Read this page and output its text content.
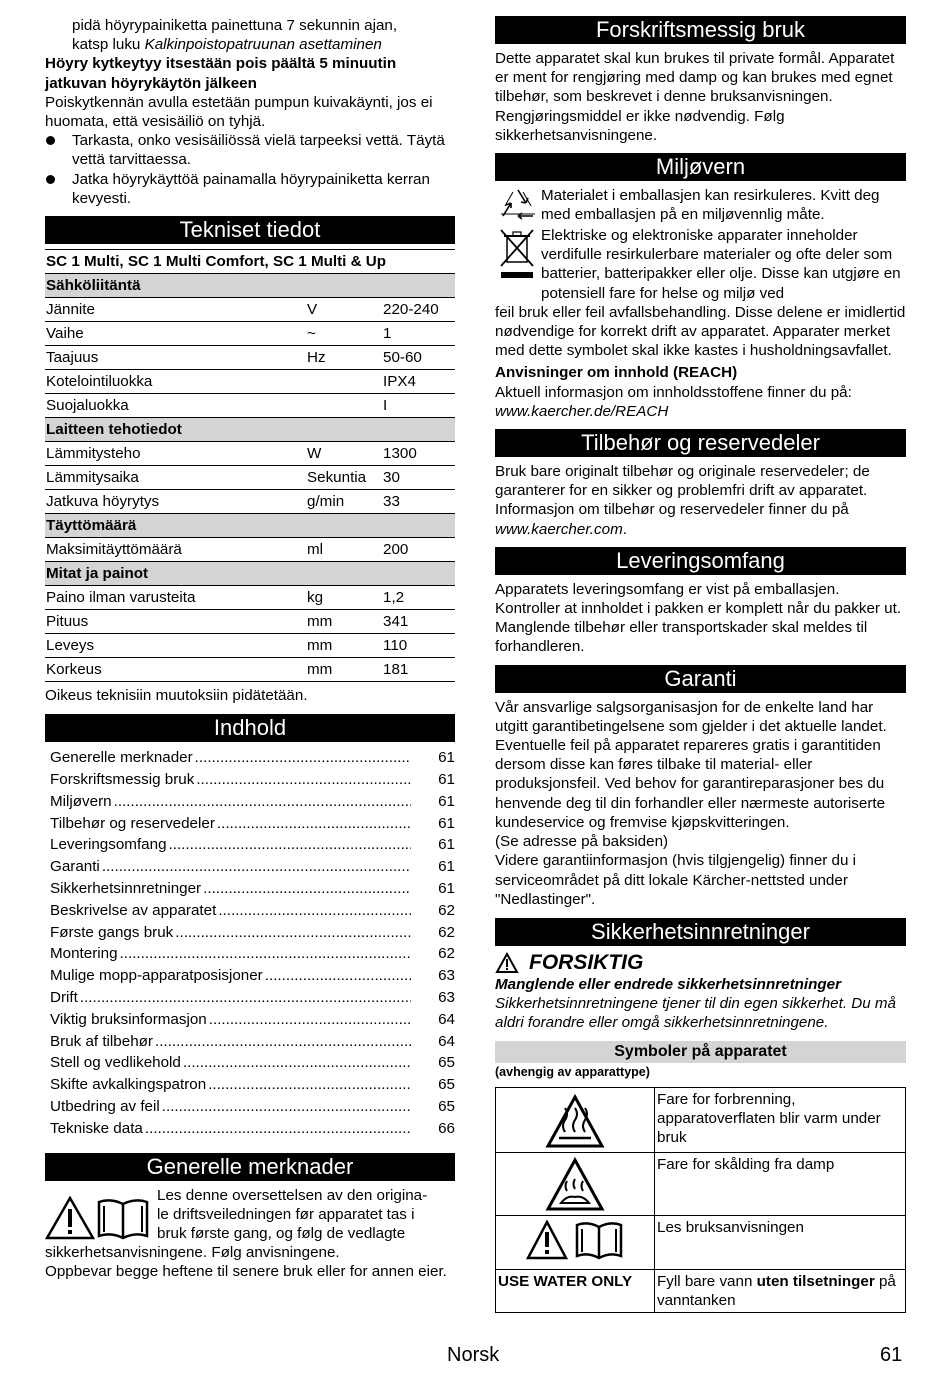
pidä höyrypainiketta painettuna 7 sekunnin ajan,

katsp luku Kalkinpoistopatruunan asettaminen

Höyry kytkeytyy itsestään pois päältä 5 minuutin jatkuvan höyrykäytön jälkeen

Poiskytkennän avulla estetään pumpun kuivakäynti, jos ei huomata, että vesisäiliö on tyhjä.

Tarkasta, onko vesisäiliössä vielä tarpeeksi vettä. Täytä vettä tarvittaessa.

Jatka höyrykäyttöä painamalla höyrypainiketta kerran kevyesti.

Tekniset tiedot
SC 1 Multi, SC 1 Multi Comfort, SC 1 Multi & Up		
Sähköliitäntä		
Jännite	V	220-240
Vaihe	~	1
Taajuus	Hz	50-60
Kotelointiluokka		IPX4
Suojaluokka		I
Laitteen tehotiedot		
Lämmitysteho	W	1300
Lämmitysaika	Sekuntia	30
Jatkuva höyrytys	g/min	33
Täyttömäärä		
Maksimitäyttömäärä	ml	200
Mitat ja painot		
Paino ilman varusteita	kg	1,2
Pituus	mm	341
Leveys	mm	110
Korkeus	mm	181

Oikeus teknisiin muutoksiin pidätetään.

Indhold
Generelle merknader .....	61
Forskriftsmessig bruk .....	61
Miljøvern .....	61
Tilbehør og reservedeler .....	61
Leveringsomfang .....	61
Garanti .....	61
Sikkerhetsinnretninger .....	61
Beskrivelse av apparatet .....	62
Første gangs bruk .....	62
Montering .....	62
Mulige mopp-apparatposisjoner .....	63
Drift .....	63
Viktig bruksinformasjon .....	64
Bruk af tilbehør .....	64
Stell og vedlikehold .....	65
Skifte avkalkingspatron .....	65
Utbedring av feil .....	65
Tekniske data .....	66
Generelle merknader

Les denne oversettelsen av den origina-

le driftsveiledningen før apparatet tas i

bruk første gang, og følg de vedlagte

sikkerhetsanvisningene. Følg anvisningene.

Oppbevar begge heftene til senere bruk eller for annen eier.

Forskriftsmessig bruk

Dette apparatet skal kun brukes til private formål. Apparatet er ment for rengjøring med damp og kan brukes med egnet tilbehør, som beskrevet i denne bruksanvisningen. Rengjøringsmiddel er ikke nødvendig. Følg sikkerhetsanvisningene.

Miljøvern

Materialet i emballasjen kan resirkuleres. Kvitt deg med emballasjen på en miljøvennlig måte.

Elektriske og elektroniske apparater inneholder verdifulle resirkulerbare materialer og ofte deler som batterier, batteripakker eller olje. Disse kan utgjøre en potensiell fare for helse og miljø ved

feil bruk eller feil avfallsbehandling. Disse delene er imidlertid nødvendige for korrekt drift av apparatet. Apparater merket med dette symbolet skal ikke kastes i husholdningsavfallet.

Anvisninger om innhold (REACH)

Aktuell informasjon om innholdsstoffene finner du på:

www.kaercher.de/REACH

Tilbehør og reservedeler

Bruk bare originalt tilbehør og originale reservedeler; de garanterer for en sikker og problemfri drift av apparatet. Informasjon om tilbehør og reservedeler finner du på www.kaercher.com.

Leveringsomfang

Apparatets leveringsomfang er vist på emballasjen. Kontroller at innholdet i pakken er komplett når du pakker ut. Manglende tilbehør eller transportskader skal meldes til forhandleren.

Garanti

Vår ansvarlige salgsorganisasjon for de enkelte land har utgitt garantibetingelsene som gjelder i det aktuelle landet. Eventuelle feil på apparatet repareres gratis i garantitiden dersom disse kan føres tilbake til material- eller produksjonsfeil. Ved behov for garantireparasjoner bes du henvende deg til din forhandler eller nærmeste autoriserte kundeservice og fremvise kjøpskvitteringen.

(Se adresse på baksiden)

Videre garantiinformasjon (hvis tilgjengelig) finner du i serviceområdet på ditt lokale Kärcher-nettsted under "Nedlastinger".

Sikkerhetsinnretninger
FORSIKTIG

Manglende eller endrede sikkerhetsinnretninger

Sikkerhetsinnretningene tjener til din egen sikkerhet. Du må aldri forandre eller omgå sikkerhetsinnretningene.

Symboler på apparatet

(avhengig av apparattype)

	Fare for forbrenning, apparatoverflaten blir varm under bruk

	Fare for skålding fra damp

	Les bruksanvisningen
USE WATER ONLY	Fyll bare vann uten tilsetninger på vanntanken
Norsk	61
